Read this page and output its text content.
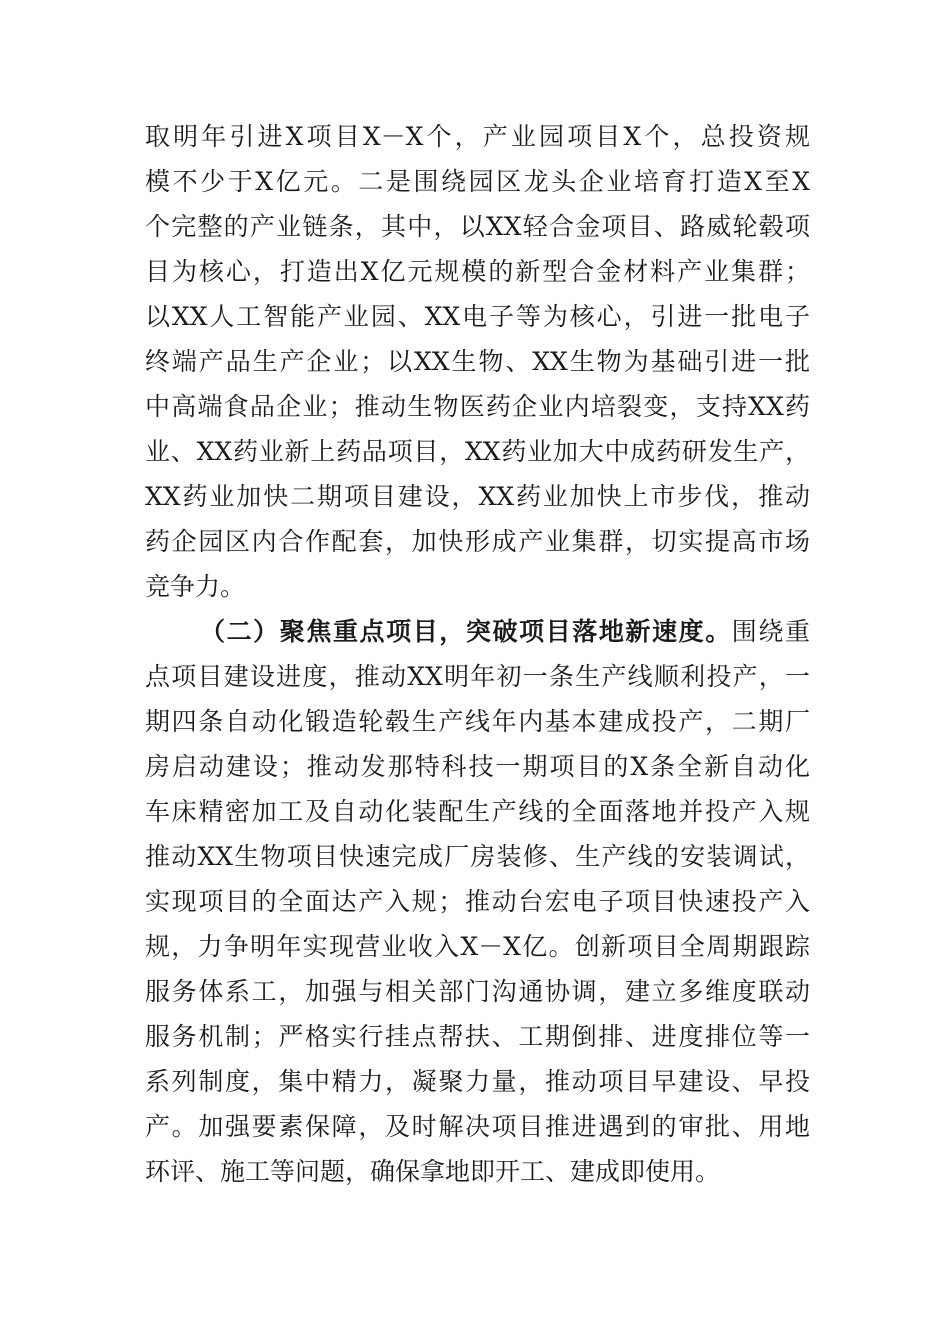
取明年引进X项目X－X个，产业园项目X个，总投资规
模不少于X亿元。二是围绕园区龙头企业培育打造X至X
个完整的产业链条，其中，以XX轻合金项目、路威轮毂项
目为核心，打造出X亿元规模的新型合金材料产业集群；
以XX人工智能产业园、XX电子等为核心，引进一批电子
终端产品生产企业；以XX生物、XX生物为基础引进一批
中高端食品企业；推动生物医药企业内培裂变，支持XX药
业、XX药业新上药品项目，XX药业加大中成药研发生产，
XX药业加快二期项目建设，XX药业加快上市步伐，推动
药企园区内合作配套，加快形成产业集群，切实提高市场
竞争力。
（二）聚焦重点项目，突破项目落地新速度。围绕重
点项目建设进度，推动XX明年初一条生产线顺利投产，一
期四条自动化锻造轮毂生产线年内基本建成投产，二期厂
房启动建设；推动发那特科技一期项目的X条全新自动化
车床精密加工及自动化装配生产线的全面落地并投产入规
推动XX生物项目快速完成厂房装修、生产线的安装调试，
实现项目的全面达产入规；推动台宏电子项目快速投产入
规，力争明年实现营业收入X－X亿。创新项目全周期跟踪
服务体系工，加强与相关部门沟通协调，建立多维度联动
服务机制；严格实行挂点帮扶、工期倒排、进度排位等一
系列制度，集中精力，凝聚力量，推动项目早建设、早投
产。加强要素保障，及时解决项目推进遇到的审批、用地
环评、施工等问题，确保拿地即开工、建成即使用。
